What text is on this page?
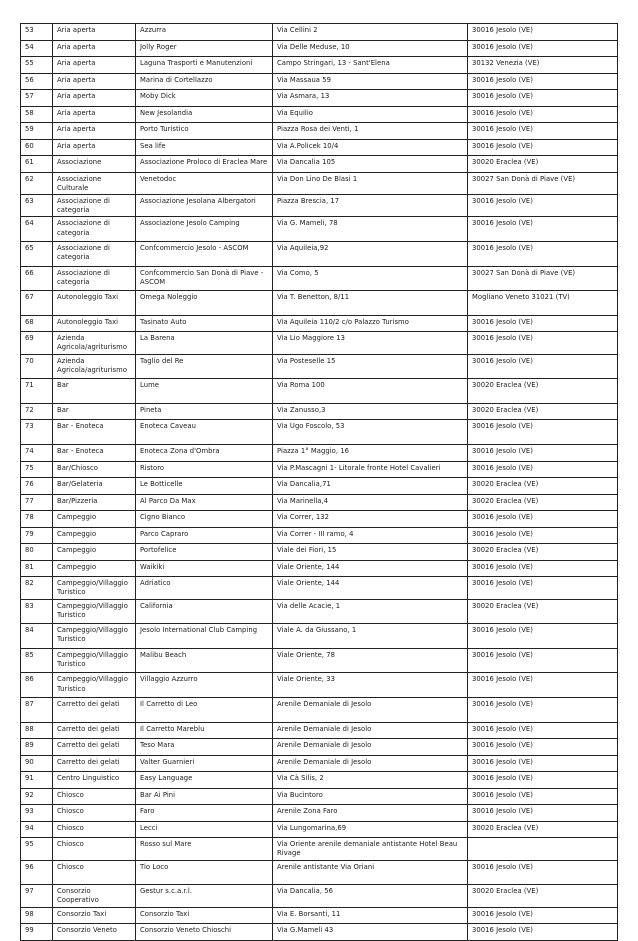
53	Aria aperta	Azzurra	Via Cellini 2	30016 Jesolo (VE)
54	Aria aperta	Jolly Roger	Via Delle Meduse, 10	30016 Jesolo (VE)
55	Aria aperta	Laguna Trasporti e Manutenzioni	Campo Stringari, 13 - Sant'Elena	30132 Venezia (VE)
56	Aria aperta	Marina di Cortellazzo	Via Massaua 59	30016 Jesolo (VE)
57	Aria aperta	Moby Dick	Via Asmara, 13	30016 Jesolo (VE)
58	Aria aperta	New Jesolandia	Via Equilio	30016 Jesolo (VE)
59	Aria aperta	Porto Turistico	Piazza Rosa dei Venti, 1	30016 Jesolo (VE)
60	Aria aperta	Sea life	Via A.Policek 10/4	30016 Jesolo (VE)
61	Associazione	Associazione Proloco di Eraclea Mare	Via Dancalia 105	30020 Eraclea (VE)
62	Associazione Culturale	Venetodoc	Via Don Lino De Blasi 1	30027 San Donà di Piave (VE)
63	Associazione di categoria	Associazione Jesolana Albergatori	Piazza Brescia, 17	30016 Jesolo (VE)
64	Associazione di categoria	Associazione Jesolo Camping	Via G. Mameli, 78	30016 Jesolo (VE)
65	Associazione di categoria	Confcommercio Jesolo - ASCOM	Via Aquileia,92	30016 Jesolo (VE)
66	Associazione di categoria	Confcommercio San Donà di Piave - ASCOM	Via Como, 5	30027 San Donà di Piave (VE)
67	Autonoleggio Taxi	Omega Noleggio	Via T. Benetton, 8/11	Mogliano Veneto 31021 (TV)
68	Autonoleggio Taxi	Tasinato Auto	Via Aquileia 110/2 c/o Palazzo Turismo	30016 Jesolo (VE)
69	Azienda Agricola/agriturismo	La Barena	Via Lio Maggiore 13	30016 Jesolo (VE)
70	Azienda Agricola/agriturismo	Taglio del Re	Via Posteselle 15	30016 Jesolo (VE)
71	Bar	Lume	Via Roma 100	30020 Eraclea (VE)
72	Bar	Pineta	Via Zanusso,3	30020 Eraclea (VE)
73	Bar - Enoteca	Enoteca Caveau	Via Ugo Foscolo, 53	30016 Jesolo (VE)
74	Bar - Enoteca	Enoteca Zona d'Ombra	Piazza 1° Maggio, 16	30016 Jesolo (VE)
75	Bar/Chiosco	Ristoro	Via P.Mascagni 1- Litorale fronte Hotel Cavalieri	30016 Jesolo (VE)
76	Bar/Gelateria	Le Botticelle	Via Dancalia,71	30020 Eraclea (VE)
77	Bar/Pizzeria	Al Parco Da Max	Via Marinella,4	30020 Eraclea (VE)
78	Campeggio	Cigno Bianco	Via Correr, 132	30016 Jesolo (VE)
79	Campeggio	Parco Capraro	Via Correr - III ramo, 4	30016 Jesolo (VE)
80	Campeggio	Portofelice	Viale dei Fiori, 15	30020 Eraclea (VE)
81	Campeggio	Waikiki	Viale Oriente, 144	30016 Jesolo (VE)
82	Campeggio/Villaggio Turistico	Adriatico	Viale Oriente, 144	30016 Jesolo (VE)
83	Campeggio/Villaggio Turistico	California	Via delle Acacie, 1	30020 Eraclea (VE)
84	Campeggio/Villaggio Turistico	Jesolo International Club Camping	Viale A. da Giussano, 1	30016 Jesolo (VE)
85	Campeggio/Villaggio Turistico	Malibu Beach	Viale Oriente, 78	30016 Jesolo (VE)
86	Campeggio/Villaggio Turistico	Villaggio Azzurro	Viale Oriente, 33	30016 Jesolo (VE)
87	Carretto dei gelati	Il Carretto di Leo	Arenile Demaniale di Jesolo	30016 Jesolo (VE)
88	Carretto dei gelati	Il Carretto Mareblu	Arenile Demaniale di Jesolo	30016 Jesolo (VE)
89	Carretto dei gelati	Teso Mara	Arenile Demaniale di Jesolo	30016 Jesolo (VE)
90	Carretto dei gelati	Valter Guarnieri	Arenile Demaniale di Jesolo	30016 Jesolo (VE)
91	Centro Linguistico	Easy Language	Via Cà Silis, 2	30016 Jesolo (VE)
92	Chiosco	Bar Ai Pini	Via Bucintoro	30016 Jesolo (VE)
93	Chiosco	Faro	Arenile Zona Faro	30016 Jesolo (VE)
94	Chiosco	Lecci	Via Lungomarina,69	30020 Eraclea (VE)
95	Chiosco	Rosso sul Mare	Via Oriente arenile demaniale antistante Hotel Beau Rivage	
96	Chiosco	Tio Loco	Arenile antistante Via Oriani	30016 Jesolo (VE)
97	Consorzio Cooperativo	Gestur s.c.a.r.l.	Via Dancalia, 56	30020 Eraclea (VE)
98	Consorzio Taxi	Consorzio Taxi	Via E. Borsanti, 11	30016 Jesolo (VE)
99	Consorzio Veneto	Consorzio Veneto Chioschi	Via G.Mameli 43	30016 Jesolo (VE)
